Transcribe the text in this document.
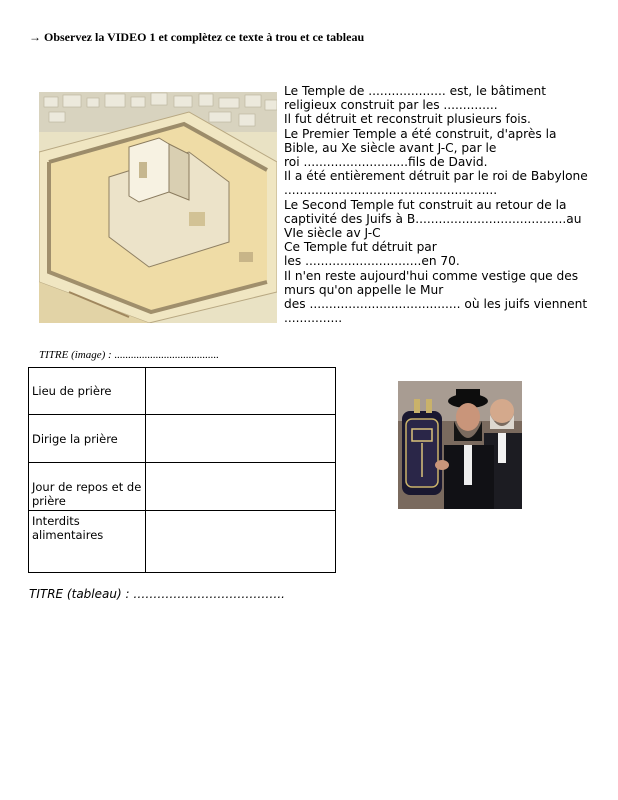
→ Observez la VIDEO 1 et complètez ce texte à trou et ce tableau
Le Temple de .................... est, le bâtiment
religieux construit par les ..............
Il fut détruit et reconstruit plusieurs fois.
Le Premier Temple a été construit, d'après la
Bible, au Xe siècle avant J-C, par le
roi ...........................fils de David.
Il a été entièrement détruit par le roi de Babylone
.......................................................
Le Second Temple fut construit au retour de la
captivité des Juifs à B.......................................au
VIe siècle av J-C
Ce Temple fut détruit par
les ..............................en 70.
Il n'en reste aujourd'hui comme vestige que des
murs qu'on appelle le Mur
des ....................................... où les juifs viennent
...............
TITRE (image) : ......................................
Lieu de prière	
Dirige la prière	
Jour de repos et de prière	
Interdits alimentaires	
TITRE (tableau) : ………………………………..
